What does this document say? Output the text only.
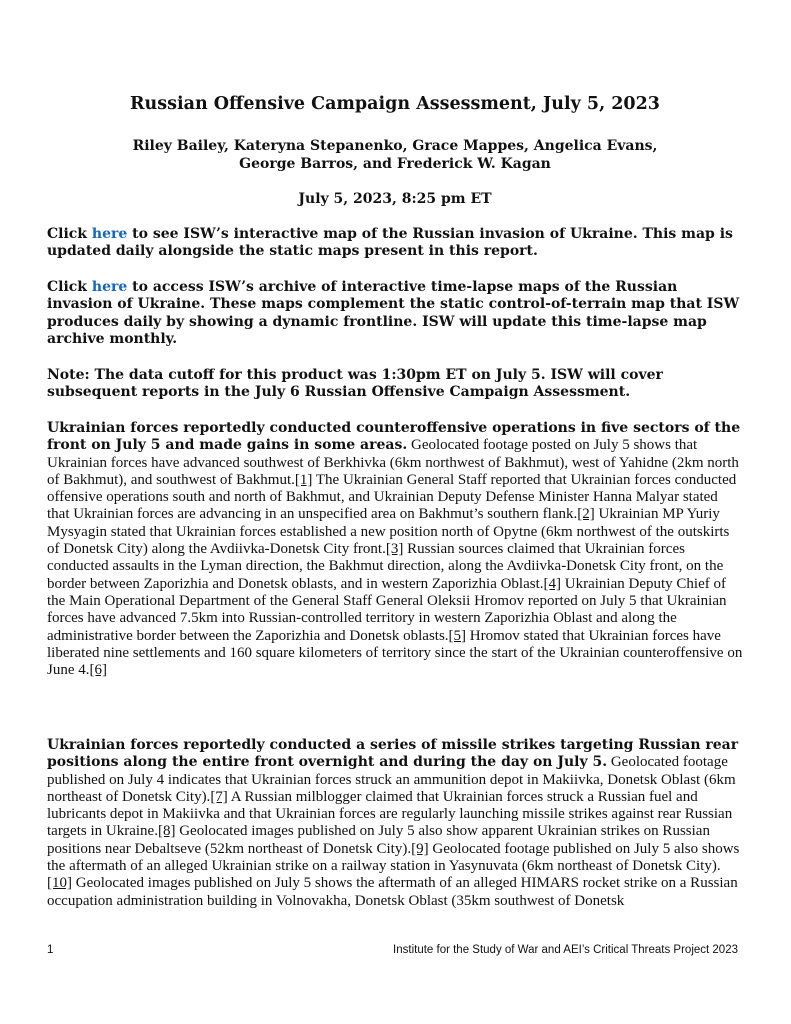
Russian Offensive Campaign Assessment, July 5, 2023
Riley Bailey, Kateryna Stepanenko, Grace Mappes, Angelica Evans,
George Barros, and Frederick W. Kagan
July 5, 2023, 8:25 pm ET
Click here to see ISW’s interactive map of the Russian invasion of Ukraine. This map is updated daily alongside the static maps present in this report.
Click here to access ISW’s archive of interactive time-lapse maps of the Russian invasion of Ukraine. These maps complement the static control-of-terrain map that ISW produces daily by showing a dynamic frontline. ISW will update this time-lapse map archive monthly.
Note: The data cutoff for this product was 1:30pm ET on July 5. ISW will cover subsequent reports in the July 6 Russian Offensive Campaign Assessment.
Ukrainian forces reportedly conducted counteroffensive operations in five sectors of the front on July 5 and made gains in some areas. Geolocated footage posted on July 5 shows that Ukrainian forces have advanced southwest of Berkhivka (6km northwest of Bakhmut), west of Yahidne (2km north of Bakhmut), and southwest of Bakhmut.[1] The Ukrainian General Staff reported that Ukrainian forces conducted offensive operations south and north of Bakhmut, and Ukrainian Deputy Defense Minister Hanna Malyar stated that Ukrainian forces are advancing in an unspecified area on Bakhmut’s southern flank.[2] Ukrainian MP Yuriy Mysyagin stated that Ukrainian forces established a new position north of Opytne (6km northwest of the outskirts of Donetsk City) along the Avdiivka-Donetsk City front.[3] Russian sources claimed that Ukrainian forces conducted assaults in the Lyman direction, the Bakhmut direction, along the Avdiivka-Donetsk City front, on the border between Zaporizhia and Donetsk oblasts, and in western Zaporizhia Oblast.[4] Ukrainian Deputy Chief of the Main Operational Department of the General Staff General Oleksii Hromov reported on July 5 that Ukrainian forces have advanced 7.5km into Russian-controlled territory in western Zaporizhia Oblast and along the administrative border between the Zaporizhia and Donetsk oblasts.[5] Hromov stated that Ukrainian forces have liberated nine settlements and 160 square kilometers of territory since the start of the Ukrainian counteroffensive on June 4.[6]
Ukrainian forces reportedly conducted a series of missile strikes targeting Russian rear positions along the entire front overnight and during the day on July 5. Geolocated footage published on July 4 indicates that Ukrainian forces struck an ammunition depot in Makiivka, Donetsk Oblast (6km northeast of Donetsk City).[7] A Russian milblogger claimed that Ukrainian forces struck a Russian fuel and lubricants depot in Makiivka and that Ukrainian forces are regularly launching missile strikes against rear Russian targets in Ukraine.[8] Geolocated images published on July 5 also show apparent Ukrainian strikes on Russian positions near Debaltseve (52km northeast of Donetsk City).[9] Geolocated footage published on July 5 also shows the aftermath of an alleged Ukrainian strike on a railway station in Yasynuvata (6km northeast of Donetsk City).[10] Geolocated images published on July 5 shows the aftermath of an alleged HIMARS rocket strike on a Russian occupation administration building in Volnovakha, Donetsk Oblast (35km southwest of Donetsk
1	Institute for the Study of War and AEI’s Critical Threats Project 2023
